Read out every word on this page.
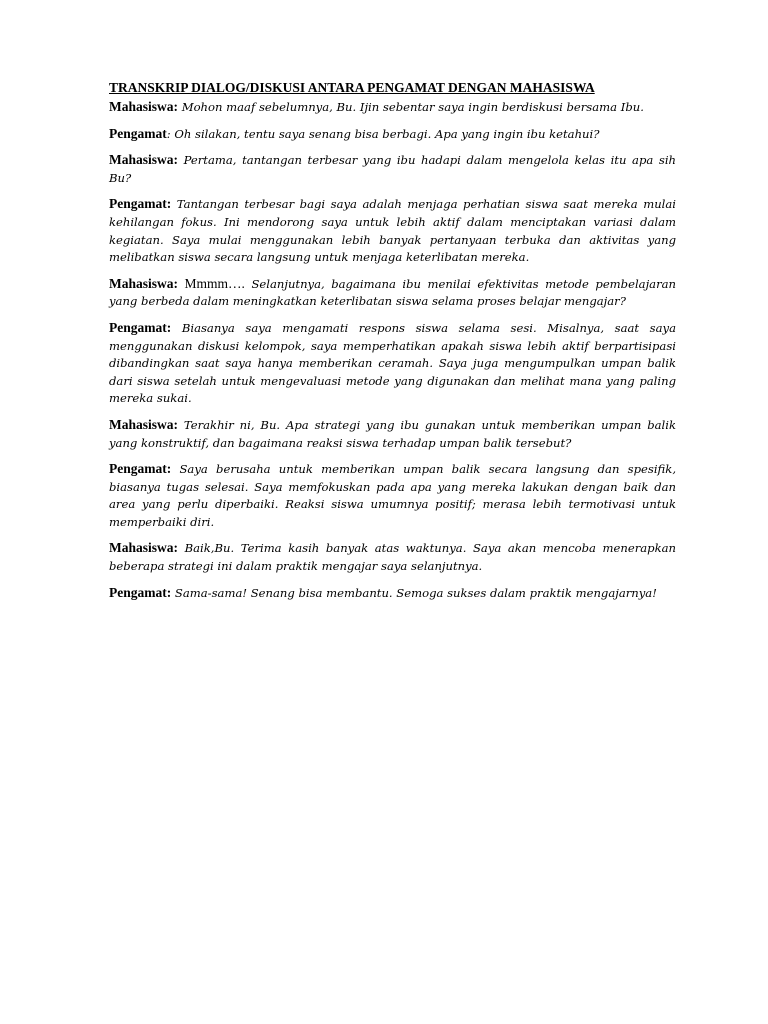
TRANSKRIP DIALOG/DISKUSI ANTARA PENGAMAT DENGAN MAHASISWA

Mahasiswa: Mohon maaf sebelumnya, Bu. Ijin sebentar saya ingin berdiskusi bersama Ibu.

Pengamat: Oh silakan, tentu saya senang bisa berbagi. Apa yang ingin ibu ketahui?

Mahasiswa: Pertama, tantangan terbesar yang ibu hadapi dalam mengelola kelas itu apa sih Bu?

Pengamat: Tantangan terbesar bagi saya adalah menjaga perhatian siswa saat mereka mulai kehilangan fokus. Ini mendorong saya untuk lebih aktif dalam menciptakan variasi dalam kegiatan. Saya mulai menggunakan lebih banyak pertanyaan terbuka dan aktivitas yang melibatkan siswa secara langsung untuk menjaga keterlibatan mereka.

Mahasiswa: Mmmm…. Selanjutnya, bagaimana ibu menilai efektivitas metode pembelajaran yang berbeda dalam meningkatkan keterlibatan siswa selama proses belajar mengajar?

Pengamat: Biasanya saya mengamati respons siswa selama sesi. Misalnya, saat saya menggunakan diskusi kelompok, saya memperhatikan apakah siswa lebih aktif berpartisipasi dibandingkan saat saya hanya memberikan ceramah. Saya juga mengumpulkan umpan balik dari siswa setelah untuk mengevaluasi metode yang digunakan dan melihat mana yang paling mereka sukai.

Mahasiswa: Terakhir ni, Bu. Apa strategi yang ibu gunakan untuk memberikan umpan balik yang konstruktif, dan bagaimana reaksi siswa terhadap umpan balik tersebut?

Pengamat: Saya berusaha untuk memberikan umpan balik secara langsung dan spesifik, biasanya tugas selesai. Saya memfokuskan pada apa yang mereka lakukan dengan baik dan area yang perlu diperbaiki. Reaksi siswa umumnya positif; merasa lebih termotivasi untuk memperbaiki diri.

Mahasiswa: Baik,Bu. Terima kasih banyak atas waktunya. Saya akan mencoba menerapkan beberapa strategi ini dalam praktik mengajar saya selanjutnya.

Pengamat: Sama-sama! Senang bisa membantu. Semoga sukses dalam praktik mengajarnya!
